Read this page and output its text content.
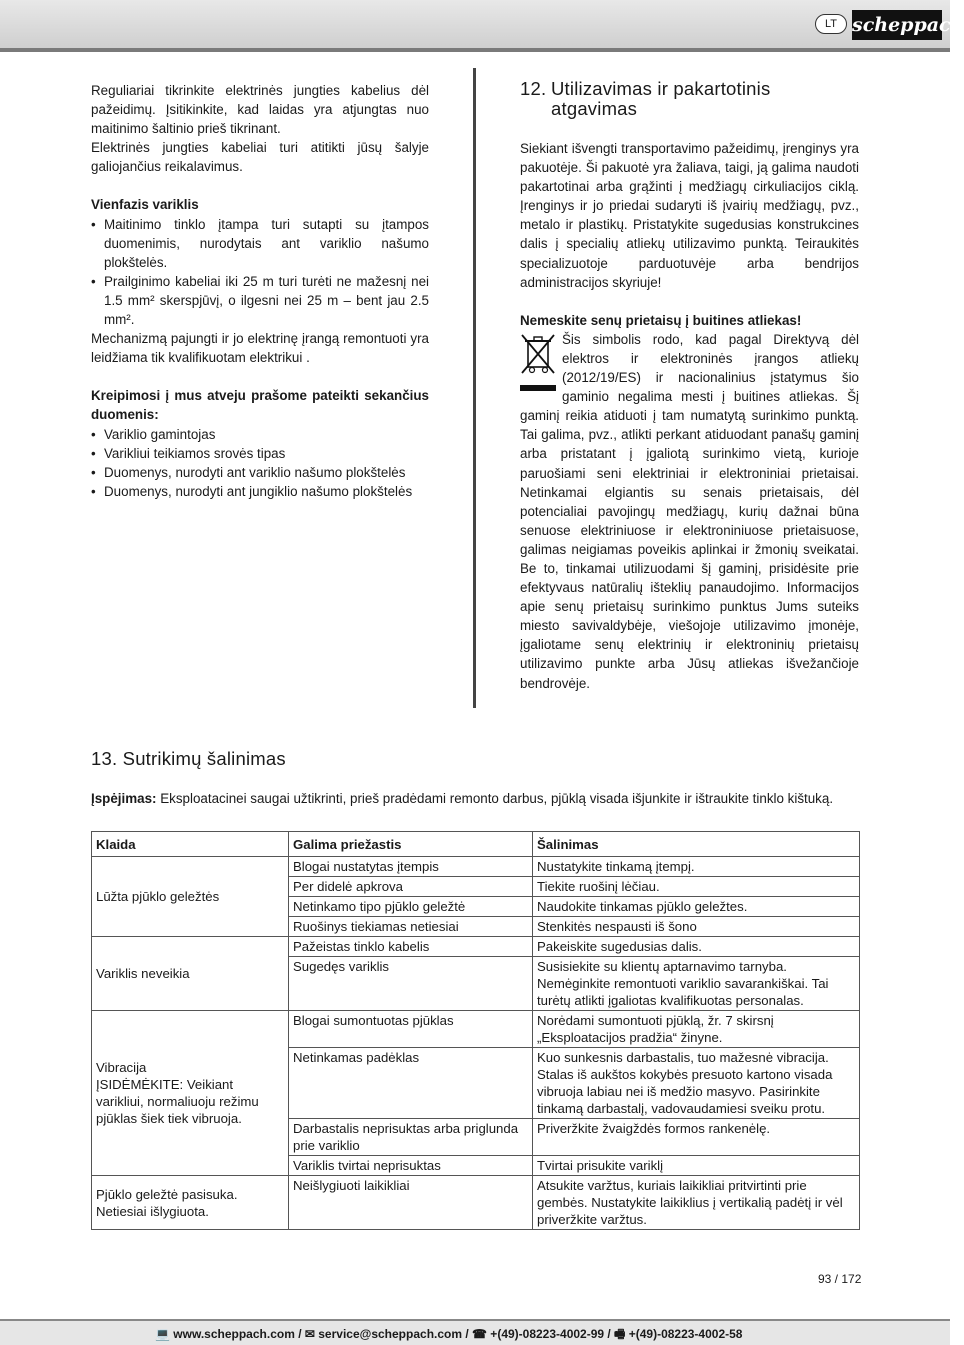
LT scheppach

Reguliariai tikrinkite elektrinės jungties kabelius dėl pažeidimų. Įsitikinkite, kad laidas yra atjungtas nuo maitinimo šaltinio prieš tikrinant.

Elektrinės jungties kabeliai turi atitikti jūsų šalyje galiojančius reikalavimus.

Vienfazis variklis

• Maitinimo tinklo įtampa turi sutapti su įtampos duomenimis, nurodytais ant variklio našumo plokštelės.
• Prailginimo kabeliai iki 25 m turi turėti ne mažesnį nei 1.5 mm² skerspjūvį, o ilgesni nei 25 m – bent jau 2.5 mm².

Mechanizmą pajungti ir jo elektrinę įrangą remontuoti yra leidžiama tik kvalifikuotam elektrikui .

Kreipimosi į mus atveju prašome pateikti sekančius duomenis:

• Variklio gamintojas
• Varikliui teikiamos srovės tipas
• Duomenys, nurodyti ant variklio našumo plokštelės
• Duomenys, nurodyti ant jungiklio našumo plokštelės
12. Utilizavimas ir pakartotinis
atgavimas

Siekiant išvengti transportavimo pažeidimų, įrenginys yra pakuotėje. Ši pakuotė yra žaliava, taigi, ją galima naudoti pakartotinai arba grąžinti į medžiagų cirkuliacijos ciklą. Įrenginys ir jo priedai sudaryti iš įvairių medžiagų, pvz., metalo ir plastikų. Pristatykite sugedusias konstrukcines dalis į specialių atliekų utilizavimo punktą. Teiraukitės specializuotoje parduotuvėje arba bendrijos administracijos skyriuje!

Nemeskite senų prietaisų į buitines atliekas!

Šis simbolis rodo, kad pagal Direktyvą dėl elektros ir elektroninės įrangos atliekų (2012/19/ES) ir nacionalinius įstatymus šio gaminio negalima mesti į buitines atliekas. Šį gaminį reikia atiduoti į tam numatytą surinkimo punktą. Tai galima, pvz., atlikti perkant atiduodant panašų gaminį arba pristatant į įgaliotą surinkimo vietą, kurioje paruošiami seni elektriniai ir elektroniniai prietaisai. Netinkamai elgiantis su senais prietaisais, dėl potencialiai pavojingų medžiagų, kurių dažnai būna senuose elektriniuose ir elektroniniuose prietaisuose, galimas neigiamas poveikis aplinkai ir žmonių sveikatai. Be to, tinkamai utilizuodami šį gaminį, prisidėsite prie efektyvaus natūralių išteklių panaudojimo. Informacijos apie senų prietaisų surinkimo punktus Jums suteiks miesto savivaldybėje, viešojoje utilizavimo įmonėje, įgaliotame senų elektrinių ir elektroninių prietaisų utilizavimo punkte arba Jūsų atliekas išvežančioje bendrovėje.

13. Sutrikimų šalinimas

Įspėjimas: Eksploatacinei saugai užtikrinti, prieš pradėdami remonto darbus, pjūklą visada išjunkite ir ištraukite tinklo kištuką.

Klaida	Galima priežastis	Šalinimas
Lūžta pjūklo geležtės	Blogai nustatytas įtempis	Nustatykite tinkamą įtempį.
	Per didelė apkrova	Tiekite ruošinį lėčiau.
	Netinkamo tipo pjūklo geležtė	Naudokite tinkamas pjūklo geležtes.
	Ruošinys tiekiamas netiesiai	Stenkitės nespausti iš šono
Variklis neveikia	Pažeistas tinklo kabelis	Pakeiskite sugedusias dalis.
	Sugedęs variklis	Susisiekite su klientų aptarnavimo tarnyba. Nemėginkite remontuoti variklio savarankiškai. Tai turėtų atlikti įgaliotas kvalifikuotas personalas.

Vibracija
ĮSIDĖMĖKITE: Veikiant varikliui, normaliuoju režimu pjūklas šiek tiek vibruoja.	Blogai sumontuotas pjūklas	Norėdami sumontuoti pjūklą, žr. 7 skirsnį „Eksploatacijos pradžia“ žinyne.
	Netinkamas padėklas	Kuo sunkesnis darbastalis, tuo mažesnė vibracija. Stalas iš aukštos kokybės presuoto kartono visada vibruoja labiau nei iš medžio masyvo. Pasirinkite tinkamą darbastalį, vadovaudamiesi sveiku protu.
	Darbastalis neprisuktas arba priglunda prie variklio	Priveržkite žvaigždės formos rankenėlę.
	Variklis tvirtai neprisuktas	Tvirtai prisukite variklį
Pjūklo geležtė pasisuka. Netiesiai išlygiuota.	Neišlygiuoti laikikliai	Atsukite varžtus, kuriais laikikliai pritvirtinti prie gembės. Nustatykite laikiklius į vertikalią padėtį ir vėl priveržkite varžtus.
93 / 172
💻 www.scheppach.com / ✉ service@scheppach.com / ☎ +(49)-08223-4002-99 / 🖷 +(49)-08223-4002-58
